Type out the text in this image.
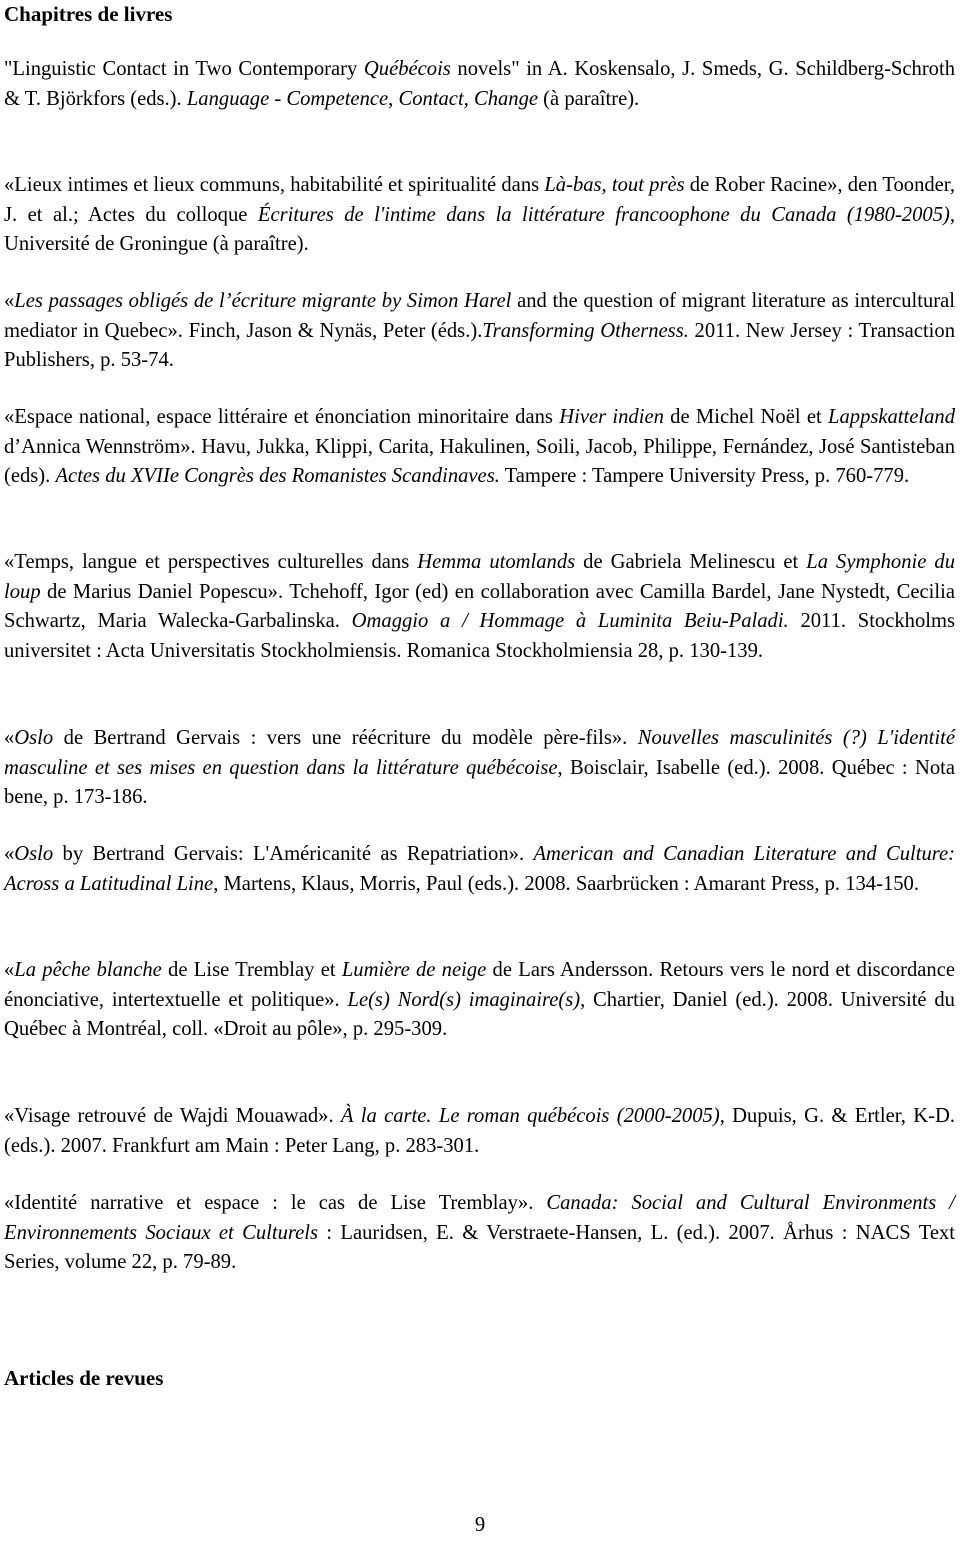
Chapitres de livres

"Linguistic Contact in Two Contemporary Québécois novels" in A. Koskensalo, J. Smeds, G. Schildberg-Schroth & T. Björkfors (eds.). Language - Competence, Contact, Change (à paraître).

«Lieux intimes et lieux communs, habitabilité et spiritualité dans Là-bas, tout près de Rober Racine», den Toonder, J. et al.; Actes du colloque Écritures de l'intime dans la littérature francoophone du Canada (1980-2005), Université de Groningue (à paraître).

«Les passages obligés de l’écriture migrante by Simon Harel and the question of migrant literature as intercultural mediator in Quebec». Finch, Jason & Nynäs, Peter (éds.).Transforming Otherness. 2011. New Jersey : Transaction Publishers, p. 53-74.

«Espace national, espace littéraire et énonciation minoritaire dans Hiver indien de Michel Noël et Lappskatteland d’Annica Wennström». Havu, Jukka, Klippi, Carita, Hakulinen, Soili, Jacob, Philippe, Fernández, José Santisteban (eds). Actes du XVIIe Congrès des Romanistes Scandinaves. Tampere : Tampere University Press, p. 760-779.

«Temps, langue et perspectives culturelles dans Hemma utomlands de Gabriela Melinescu et La Symphonie du loup de Marius Daniel Popescu». Tchehoff, Igor (ed) en collaboration avec Camilla Bardel, Jane Nystedt, Cecilia Schwartz, Maria Walecka-Garbalinska. Omaggio a / Hommage à Luminita Beiu-Paladi. 2011. Stockholms universitet : Acta Universitatis Stockholmiensis. Romanica Stockholmiensia 28, p. 130-139.

«Oslo de Bertrand Gervais : vers une réécriture du modèle père-fils». Nouvelles masculinités (?) L'identité masculine et ses mises en question dans la littérature québécoise, Boisclair, Isabelle (ed.). 2008. Québec : Nota bene, p. 173-186.

«Oslo by Bertrand Gervais: L'Américanité as Repatriation». American and Canadian Literature and Culture: Across a Latitudinal Line, Martens, Klaus, Morris, Paul (eds.). 2008. Saarbrücken : Amarant Press, p. 134-150.

«La pêche blanche de Lise Tremblay et Lumière de neige de Lars Andersson. Retours vers le nord et discordance énonciative, intertextuelle et politique». Le(s) Nord(s) imaginaire(s), Chartier, Daniel (ed.). 2008. Université du Québec à Montréal, coll. «Droit au pôle», p. 295-309.

«Visage retrouvé de Wajdi Mouawad». À la carte. Le roman québécois (2000-2005), Dupuis, G. & Ertler, K-D. (eds.). 2007. Frankfurt am Main : Peter Lang, p. 283-301.

«Identité narrative et espace : le cas de Lise Tremblay». Canada: Social and Cultural Environments / Environnements Sociaux et Culturels : Lauridsen, E. & Verstraete-Hansen, L. (ed.). 2007. Århus : NACS Text Series, volume 22, p. 79-89.

Articles de revues

9
